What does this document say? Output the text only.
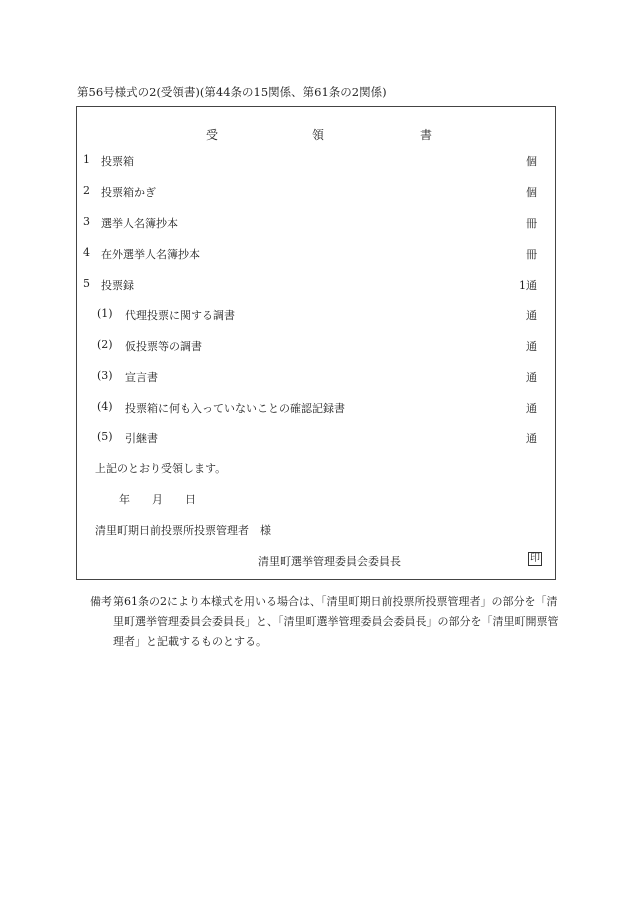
第56号様式の2(受領書)(第44条の15関係、第61条の2関係)
受	領	書
1 投票箱	個
2 投票箱かぎ	個
3 選挙人名簿抄本	冊
4 在外選挙人名簿抄本	冊
5 投票録	1通
(1) 代理投票に関する調書	通
(2) 仮投票等の調書	通
(3) 宣言書	通
(4) 投票箱に何も入っていないことの確認記録書	通
(5) 引継書	通
上記のとおり受領します。
年　　月　　日
清里町期日前投票所投票管理者　様
清里町選挙管理委員会委員長	印
備考 第61条の2により本様式を用いる場合は、「清里町期日前投票所投票管理者」の部分を「清里町選挙管理委員会委員長」と、「清里町選挙管理委員会委員長」の部分を「清里町開票管理者」と記載するものとする。
